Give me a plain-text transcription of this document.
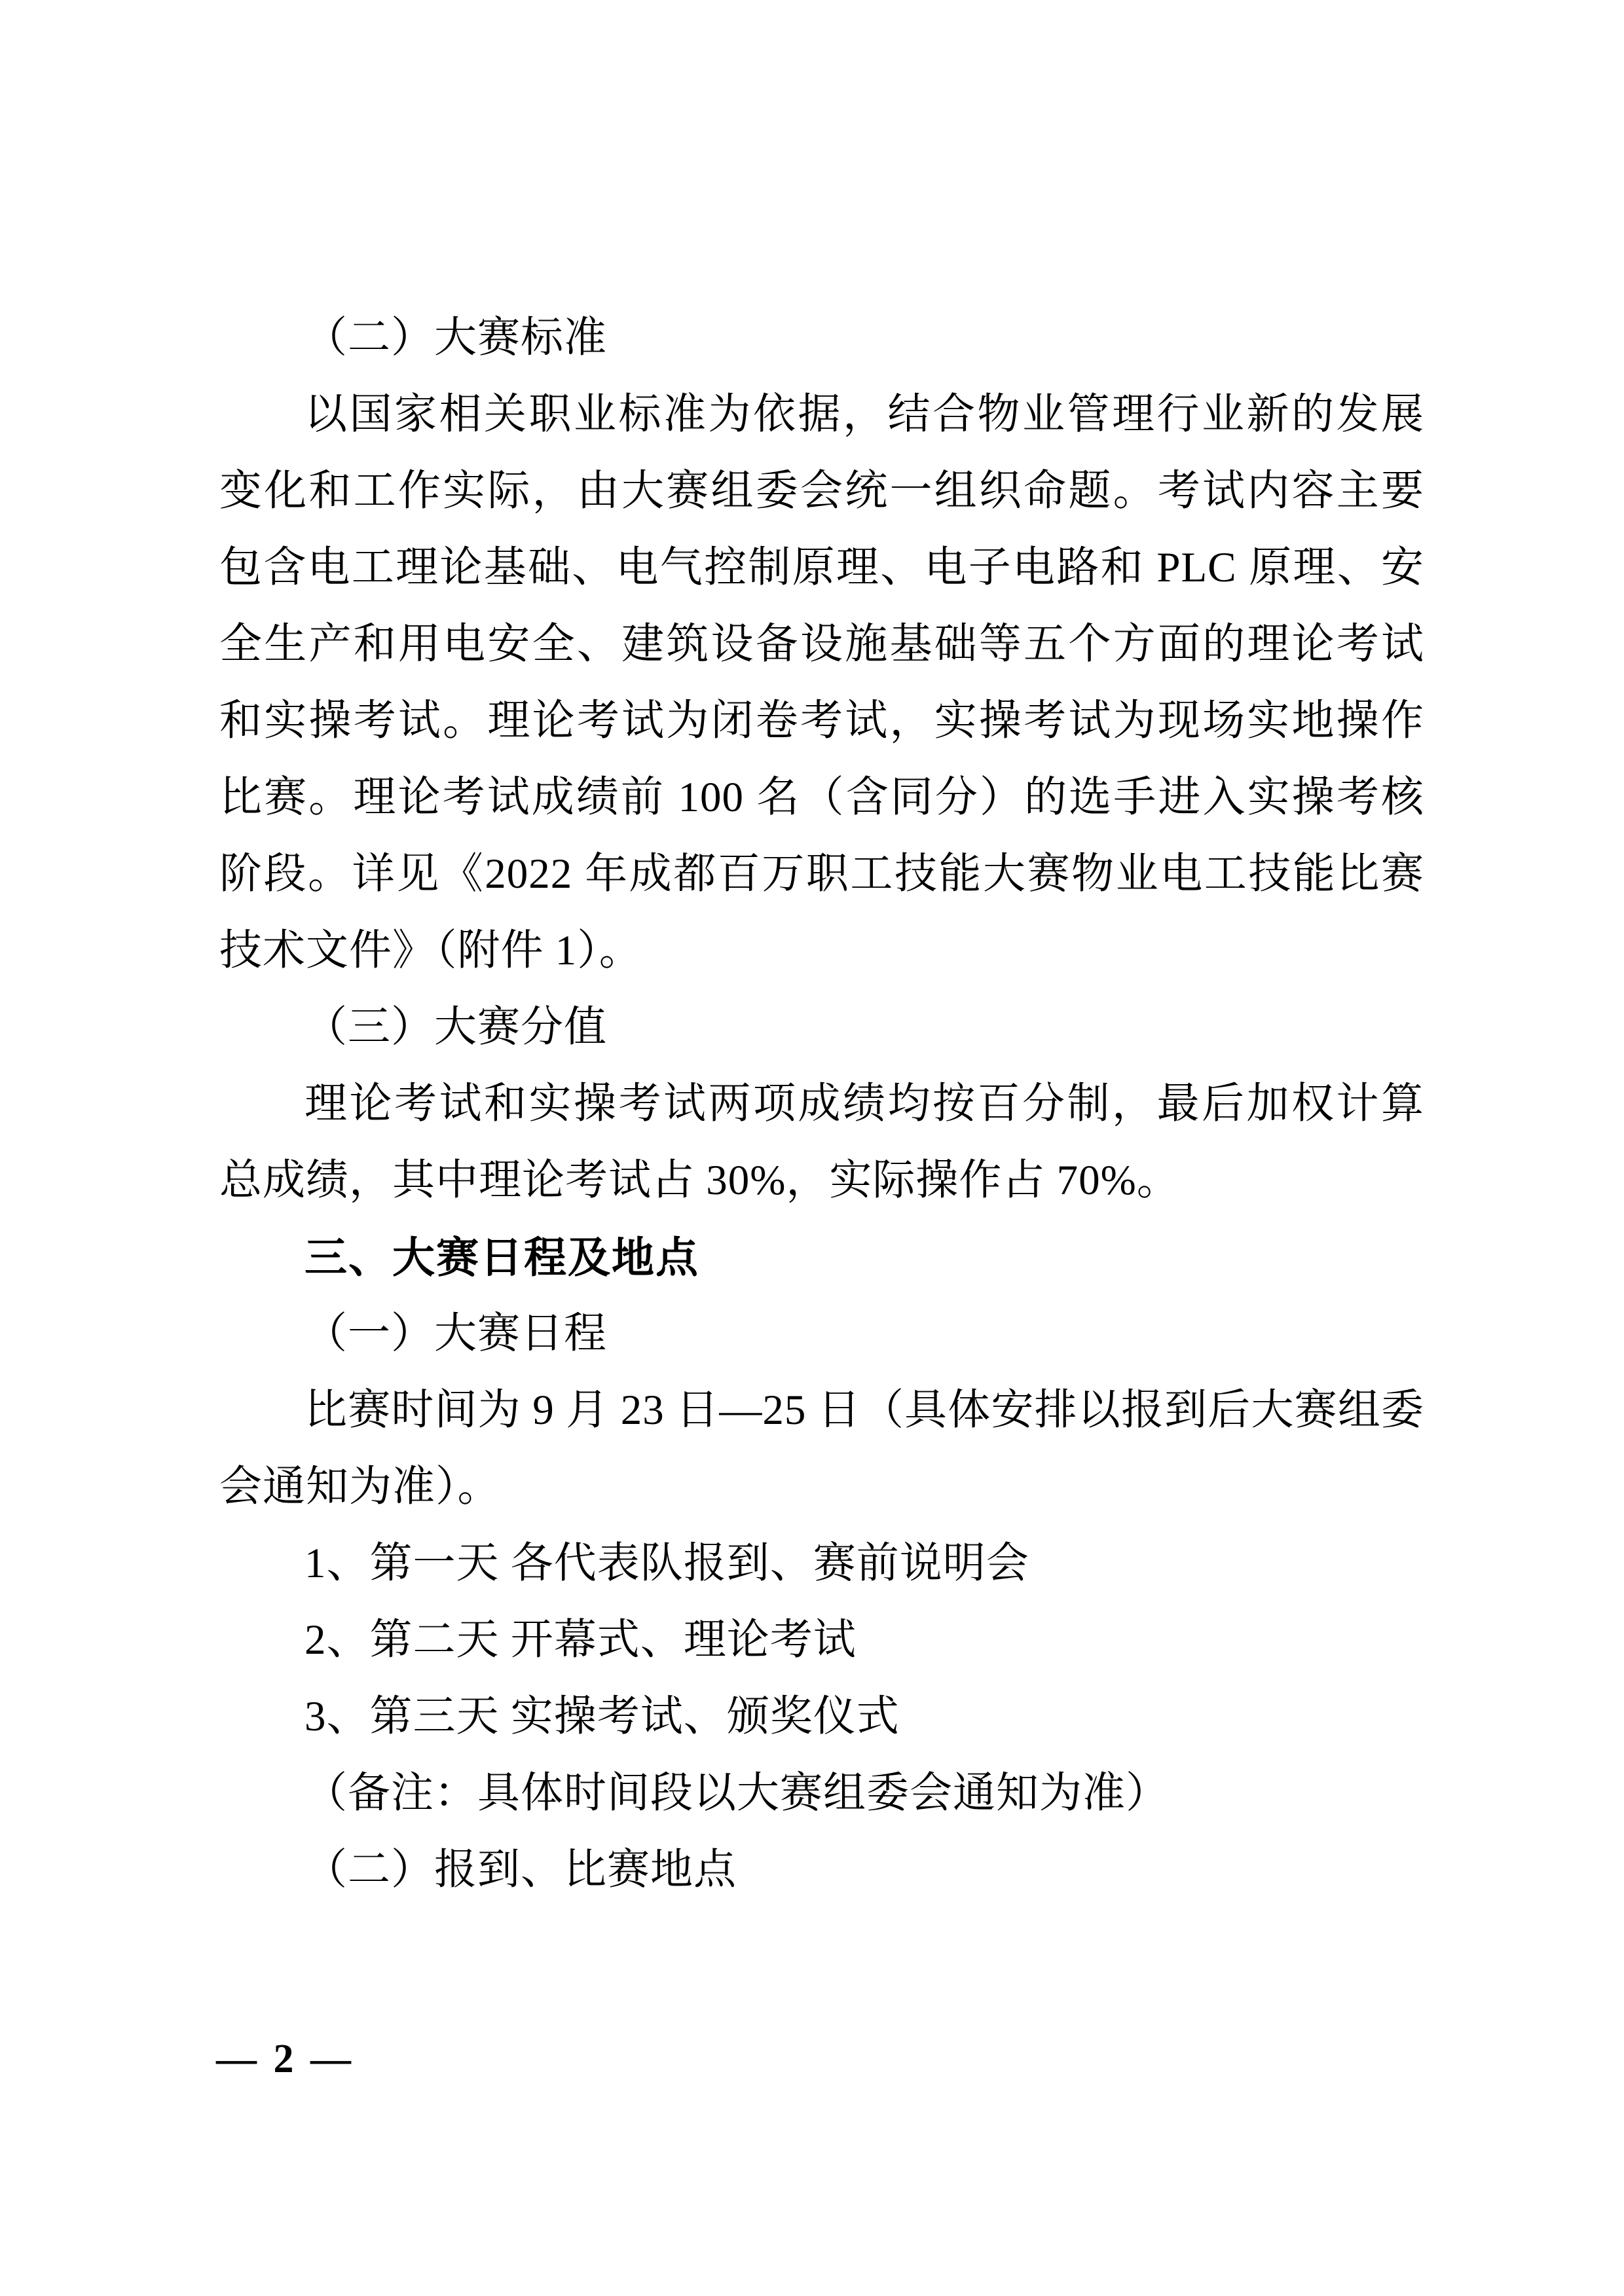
（二）大赛标准

以国家相关职业标准为依据，结合物业管理行业新的发展变化和工作实际，由大赛组委会统一组织命题。考试内容主要包含电工理论基础、电气控制原理、电子电路和 PLC 原理、安全生产和用电安全、建筑设备设施基础等五个方面的理论考试和实操考试。理论考试为闭卷考试，实操考试为现场实地操作比赛。理论考试成绩前 100 名（含同分）的选手进入实操考核阶段。详见《2022 年成都百万职工技能大赛物业电工技能比赛技术文件》（附件 1）。

（三）大赛分值

理论考试和实操考试两项成绩均按百分制，最后加权计算总成绩，其中理论考试占 30%，实际操作占 70%。

三、大赛日程及地点

（一）大赛日程

比赛时间为 9 月 23 日—25 日（具体安排以报到后大赛组委会通知为准）。

1、第一天 各代表队报到、赛前说明会

2、第二天 开幕式、理论考试

3、第三天 实操考试、颁奖仪式

（备注：具体时间段以大赛组委会通知为准）

（二）报到、比赛地点

— 2 —
